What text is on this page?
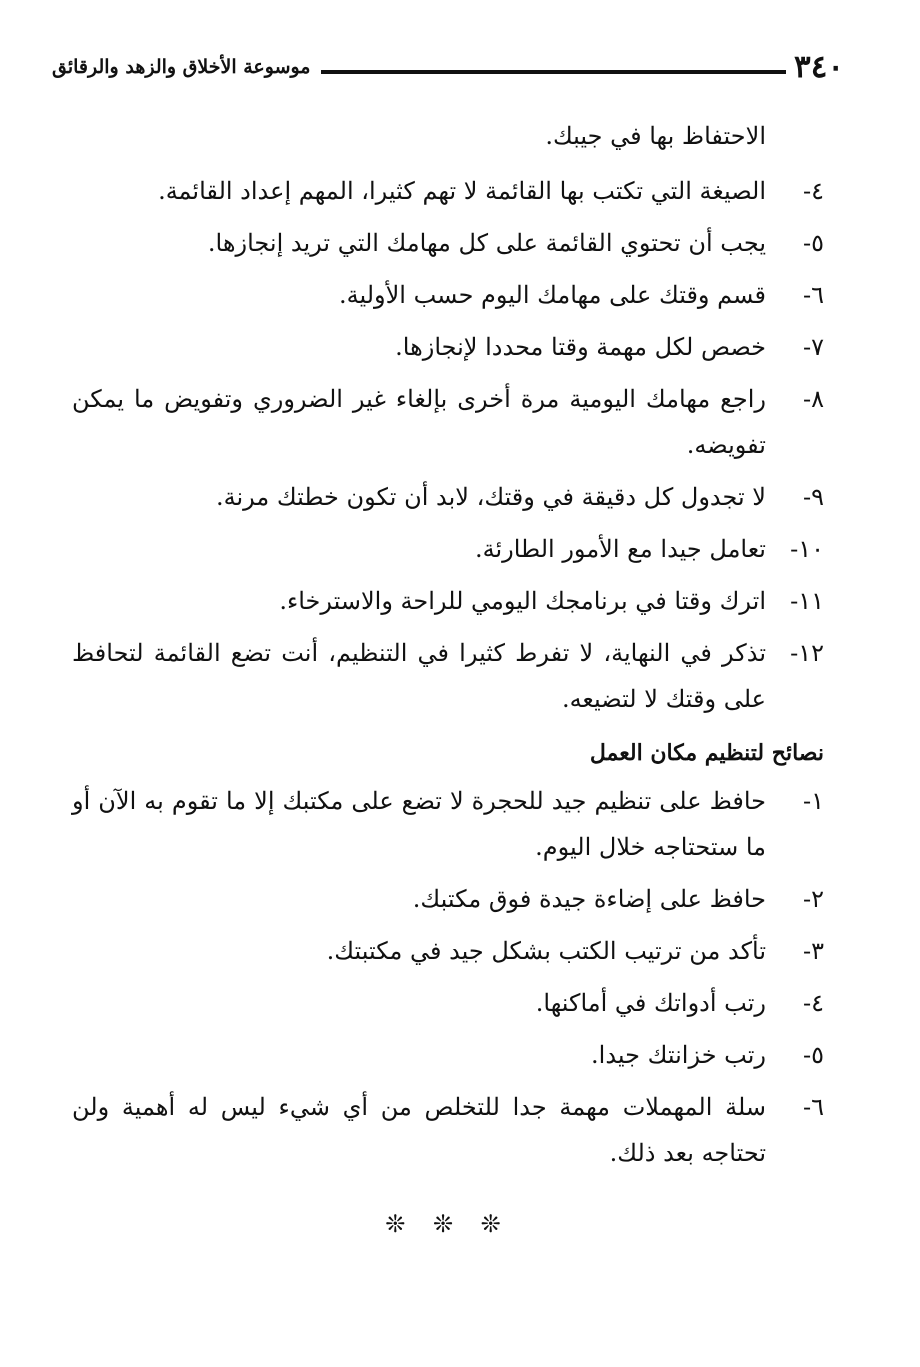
٣٤٠
موسوعة الأخلاق والزهد والرقائق
الاحتفاظ بها في جيبك.
٤-
الصيغة التي تكتب بها القائمة لا تهم كثيرا، المهم إعداد القائمة.
٥-
يجب أن تحتوي القائمة على كل مهامك التي تريد إنجازها.
٦-
قسم وقتك على مهامك اليوم حسب الأولية.
٧-
خصص لكل مهمة وقتا محددا لإنجازها.
٨-
راجع مهامك اليومية مرة أخرى بإلغاء غير الضروري وتفويض ما يمكن تفويضه.
٩-
لا تجدول كل دقيقة في وقتك، لابد أن تكون خطتك مرنة.
١٠-
تعامل جيدا مع الأمور الطارئة.
١١-
اترك وقتا في برنامجك اليومي للراحة والاسترخاء.
١٢-
تذكر في النهاية، لا تفرط كثيرا في التنظيم، أنت تضع القائمة لتحافظ على وقتك لا لتضيعه.
نصائح لتنظيم مكان العمل
١-
حافظ على تنظيم جيد للحجرة لا تضع على مكتبك إلا ما تقوم به الآن أو ما ستحتاجه خلال اليوم.
٢-
حافظ على إضاءة جيدة فوق مكتبك.
٣-
تأكد من ترتيب الكتب بشكل جيد في مكتبتك.
٤-
رتب أدواتك في أماكنها.
٥-
رتب خزانتك جيدا.
٦-
سلة المهملات مهمة جدا للتخلص من أي شيء ليس له أهمية ولن تحتاجه بعد ذلك.
❊ ❊ ❊
